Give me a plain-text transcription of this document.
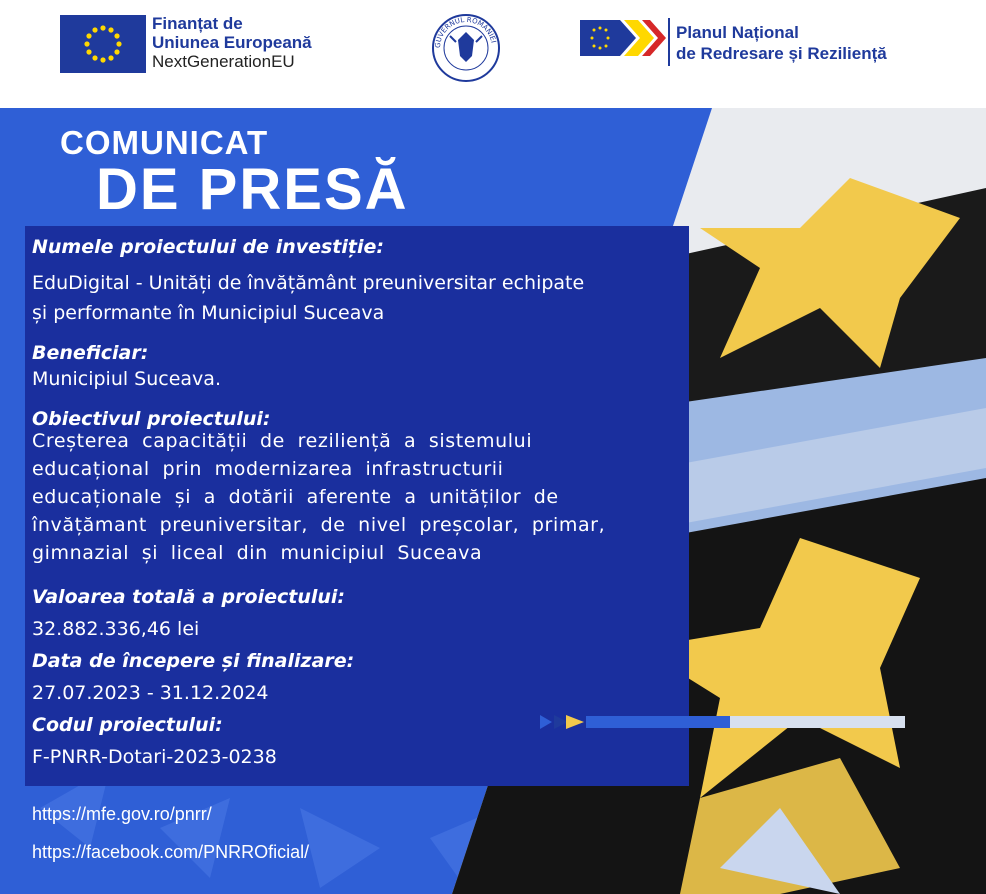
Finanțat de
Uniunea Europeană
NextGenerationEU
GUVERNUL ROMÂNIEI	Planul Național
de Redresare și Reziliență
COMUNICAT
DE PRESĂ
Numele proiectului de investiție:
EduDigital - Unități de învățământ preuniversitar echipate
și performante în Municipiul Suceava
Beneficiar:
Municipiul Suceava.
Obiectivul proiectului:
Creșterea capacității de reziliență a sistemului
educațional prin modernizarea infrastructurii
educaționale și a dotării aferente a unităților de
învățămant preuniversitar, de nivel preșcolar, primar,
gimnazial și liceal din municipiul Suceava
Valoarea totală a proiectului:
32.882.336,46 lei
Data de începere și finalizare:
27.07.2023 - 31.12.2024
Codul proiectului:
F-PNRR-Dotari-2023-0238
https://mfe.gov.ro/pnrr/
https://facebook.com/PNRROficial/
